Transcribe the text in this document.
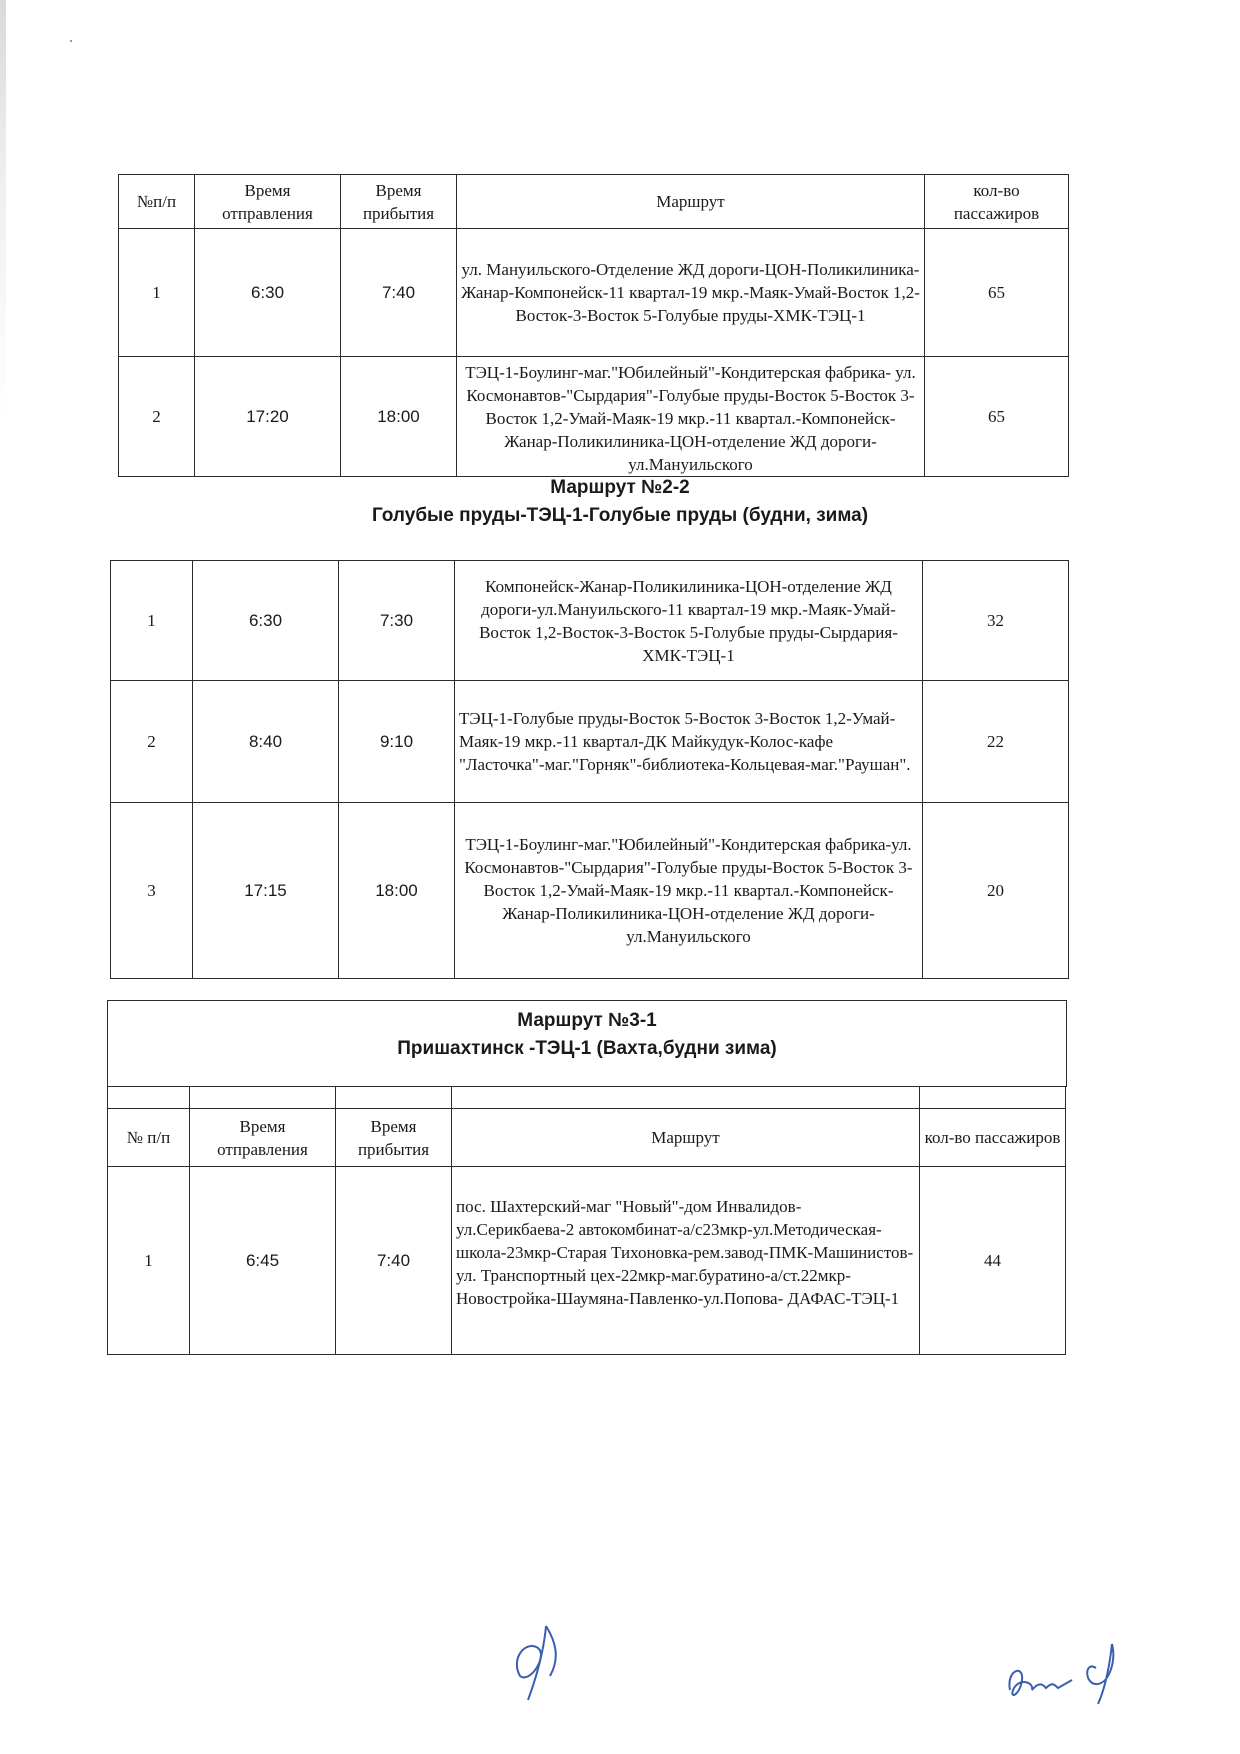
№п/п	Время отправления	Время прибытия	Маршрут	кол-во пассажиров
1	6:30	7:40	ул. Мануильского-Отделение ЖД дороги-ЦОН-Поликилиника-Жанар-Компонейск-11 квартал-19 мкр.-Маяк-Умай-Восток 1,2-Восток-3-Восток 5-Голубые пруды-ХМК-ТЭЦ-1	65
2	17:20	18:00	ТЭЦ-1-Боулинг-маг."Юбилейный"-Кондитерская фабрика- ул. Космонавтов-"Сырдария"-Голубые пруды-Восток 5-Восток 3-Восток 1,2-Умай-Маяк-19 мкр.-11 квартал.-Компонейск-Жанар-Поликилиника-ЦОН-отделение ЖД дороги-ул.Мануильского	65
Маршрут №2-2
Голубые пруды-ТЭЦ-1-Голубые пруды (будни, зима)
1	6:30	7:30	Компонейск-Жанар-Поликилиника-ЦОН-отделение ЖД дороги-ул.Мануильского-11 квартал-19 мкр.-Маяк-Умай-Восток 1,2-Восток-3-Восток 5-Голубые пруды-Сырдария-ХМК-ТЭЦ-1	32
2	8:40	9:10	ТЭЦ-1-Голубые пруды-Восток 5-Восток 3-Восток 1,2-Умай-Маяк-19 мкр.-11 квартал-ДК Майкудук-Колос-кафе "Ласточка"-маг."Горняк"-библиотека-Кольцевая-маг."Раушан".	22
3	17:15	18:00	ТЭЦ-1-Боулинг-маг."Юбилейный"-Кондитерская фабрика-ул. Космонавтов-"Сырдария"-Голубые пруды-Восток 5-Восток 3-Восток 1,2-Умай-Маяк-19 мкр.-11 квартал.-Компонейск-Жанар-Поликилиника-ЦОН-отделение ЖД дороги-ул.Мануильского	20
Маршрут №3-1
Пришахтинск -ТЭЦ-1 (Вахта,будни зима)

№ п/п	Время отправления	Время прибытия	Маршрут	кол-во пассажиров
1	6:45	7:40	пос. Шахтерский-маг "Новый"-дом Инвалидов-ул.Серикбаева-2 автокомбинат-а/с23мкр-ул.Методическая-школа-23мкр-Старая Тихоновка-рем.завод-ПМК-Машинистов-ул. Транспортный цех-22мкр-маг.буратино-а/ст.22мкр-Новостройка-Шаумяна-Павленко-ул.Попова- ДАФАС-ТЭЦ-1	44
